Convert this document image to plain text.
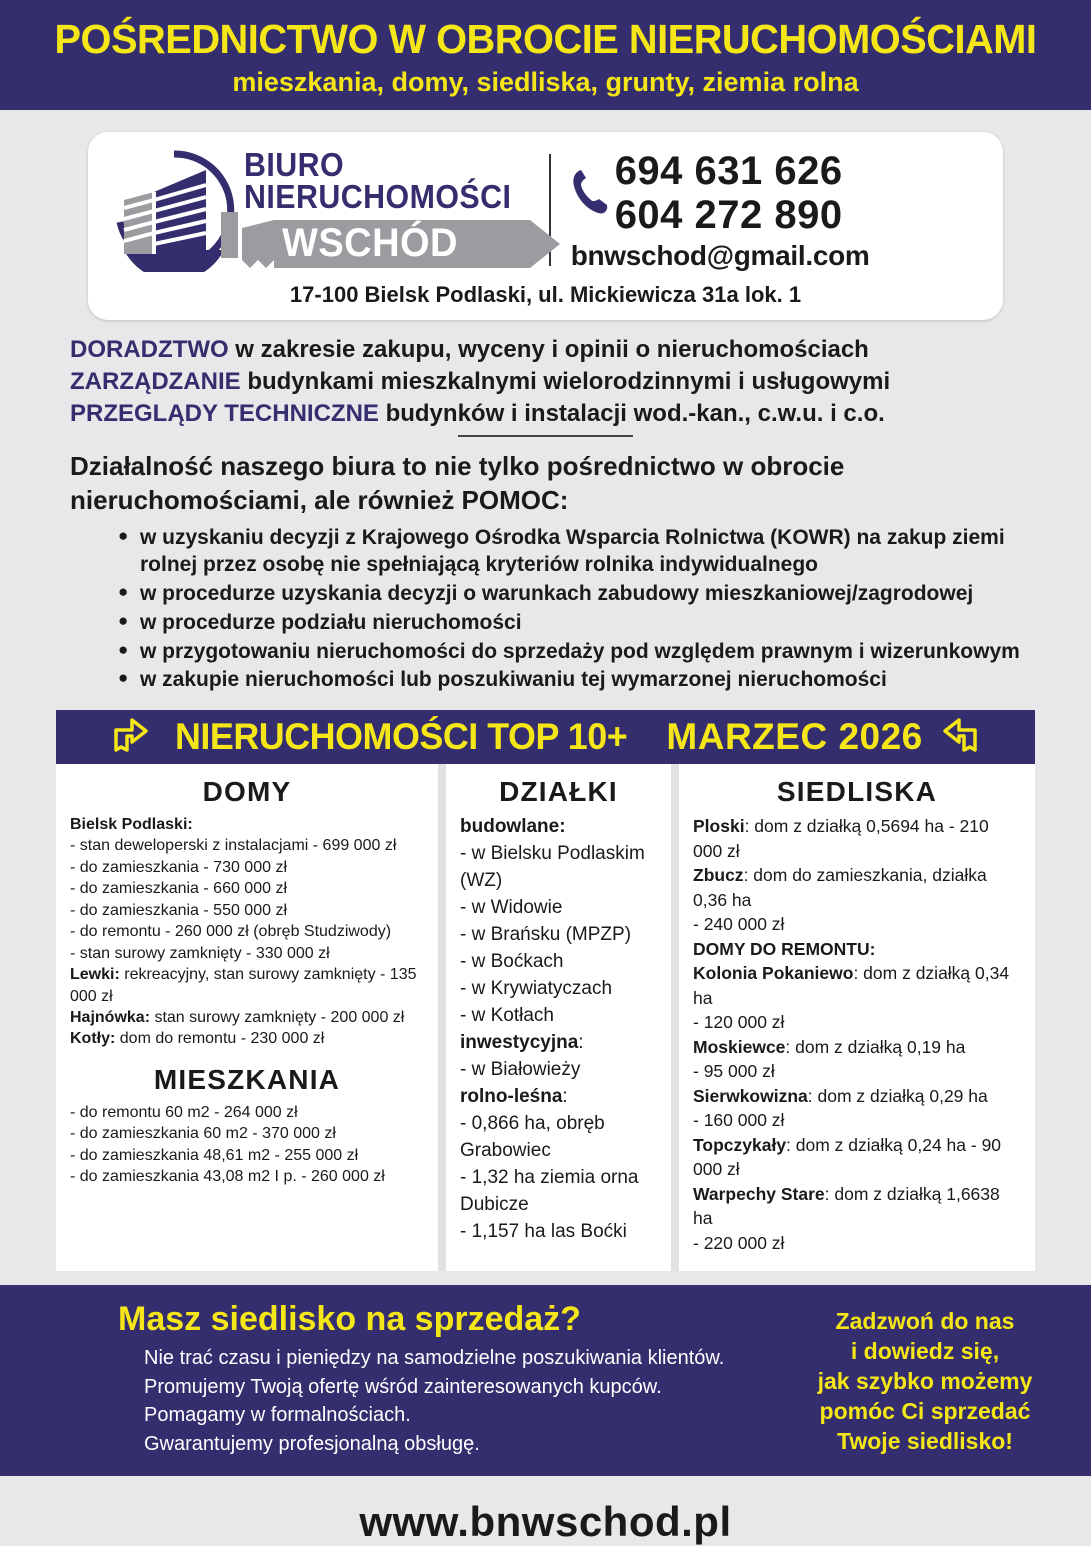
POŚREDNICTWO W OBROCIE NIERUCHOMOŚCIAMI
mieszkania, domy, siedliska, grunty, ziemia rolna
BIURO
NIERUCHOMOŚCI
WSCHÓD
694 631 626
604 272 890
bnwschod@gmail.com
17-100 Bielsk Podlaski, ul. Mickiewicza 31a lok. 1
DORADZTWO w zakresie zakupu, wyceny i opinii o nieruchomościach
ZARZĄDZANIE budynkami mieszkalnymi wielorodzinnymi i usługowymi
PRZEGLĄDY TECHNICZNE budynków i instalacji wod.-kan., c.w.u. i c.o.
Działalność naszego biura to nie tylko pośrednictwo w obrocie nieruchomościami, ale również POMOC:
● w uzyskaniu decyzji z Krajowego Ośrodka Wsparcia Rolnictwa (KOWR) na zakup ziemi rolnej przez osobę nie spełniającą kryteriów rolnika indywidualnego
● w procedurze uzyskania decyzji o warunkach zabudowy mieszkaniowej/zagrodowej
● w procedurze podziału nieruchomości
● w przygotowaniu nieruchomości do sprzedaży pod względem prawnym i wizerunkowym
● w zakupie nieruchomości lub poszukiwaniu tej wymarzonej nieruchomości
NIERUCHOMOŚCI TOP 10+ MARZEC 2026
DOMY
Bielsk Podlaski:
- stan deweloperski z instalacjami - 699 000 zł
- do zamieszkania - 730 000 zł
- do zamieszkania - 660 000 zł
- do zamieszkania - 550 000 zł
- do remontu - 260 000 zł (obręb Studziwody)
- stan surowy zamknięty - 330 000 zł
Lewki: rekreacyjny, stan surowy zamknięty - 135 000 zł
Hajnówka: stan surowy zamknięty - 200 000 zł
Kotły: dom do remontu - 230 000 zł
MIESZKANIA
- do remontu 60 m2 - 264 000 zł
- do zamieszkania 60 m2 - 370 000 zł
- do zamieszkania 48,61 m2 - 255 000 zł
- do zamieszkania 43,08 m2 I p. - 260 000 zł
DZIAŁKI
budowlane:
- w Bielsku Podlaskim (WZ)
- w Widowie
- w Brańsku (MPZP)
- w Boćkach
- w Krywiatyczach
- w Kotłach
inwestycyjna:
- w Białowieży
rolno-leśna:
- 0,866 ha, obręb Grabowiec
- 1,32 ha ziemia orna Dubicze
- 1,157 ha las Boćki
SIEDLISKA
Ploski: dom z działką 0,5694 ha - 210 000 zł
Zbucz: dom do zamieszkania, działka 0,36 ha
- 240 000 zł
DOMY DO REMONTU:
Kolonia Pokaniewo: dom z działką 0,34 ha
- 120 000 zł
Moskiewce: dom z działką 0,19 ha
- 95 000 zł
Sierwkowizna: dom z działką 0,29 ha
- 160 000 zł
Topczykały: dom z działką 0,24 ha - 90 000 zł
Warpechy Stare: dom z działką 1,6638 ha
- 220 000 zł
Masz siedlisko na sprzedaż?
Nie trać czasu i pieniędzy na samodzielne poszukiwania klientów.
Promujemy Twoją ofertę wśród zainteresowanych kupców.
Pomagamy w formalnościach.
Gwarantujemy profesjonalną obsługę.
Zadzwoń do nas
i dowiedz się,
jak szybko możemy
pomóc Ci sprzedać
Twoje siedlisko!
www.bnwschod.pl
